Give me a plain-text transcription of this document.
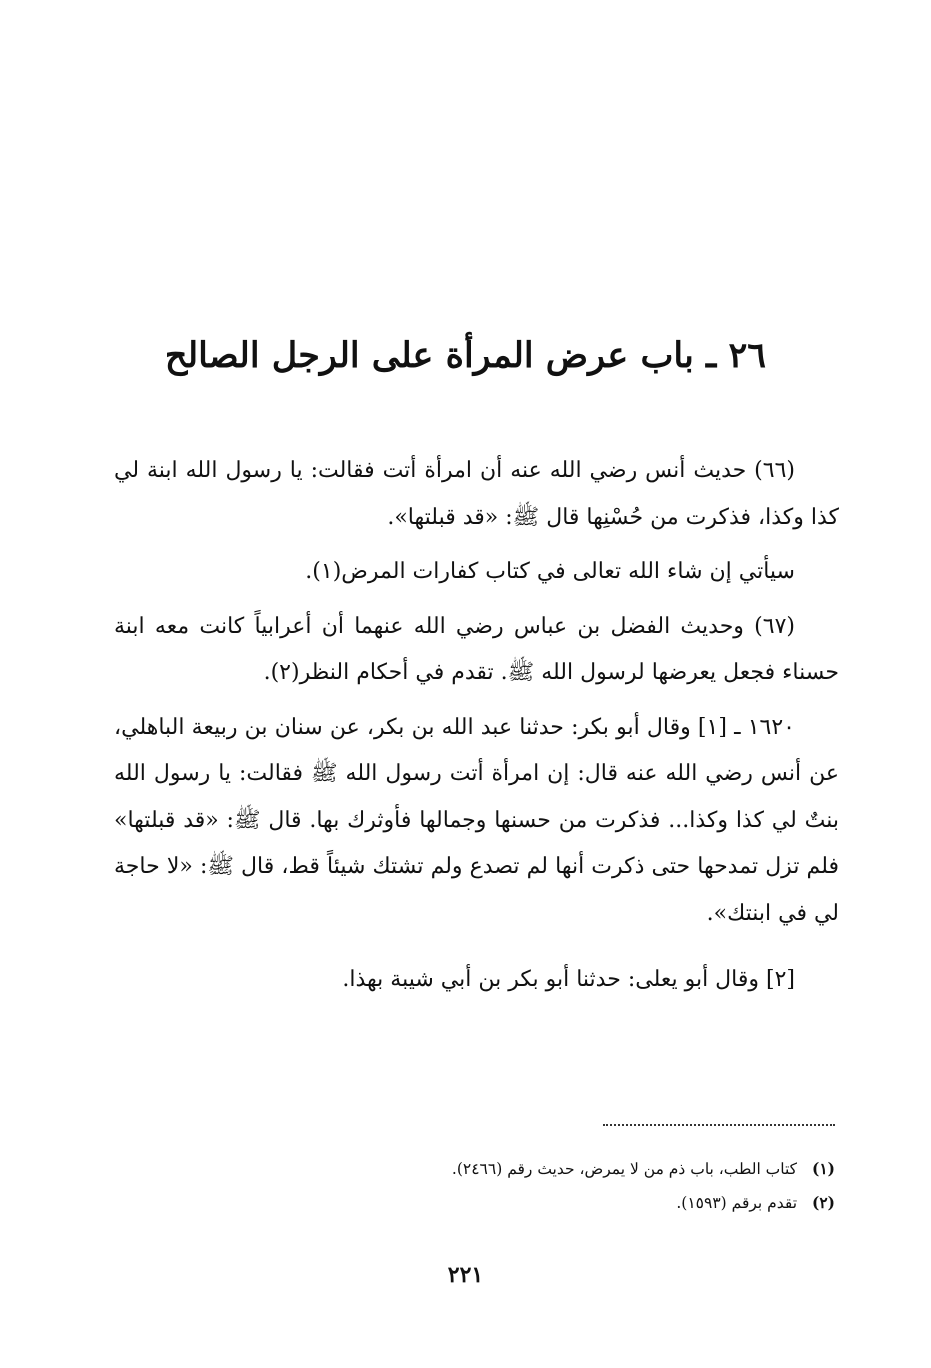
٢٦ ـ باب عرض المرأة على الرجل الصالح

(٦٦) حديث أنس رضي الله عنه أن امرأة أتت فقالت: يا رسول الله ابنة لي كذا وكذا، فذكرت من حُسْنِها قال ﷺ: «قد قبلتها».

سيأتي إن شاء الله تعالى في كتاب كفارات المرض(١).

(٦٧) وحديث الفضل بن عباس رضي الله عنهما أن أعرابياً كانت معه ابنة حسناء فجعل يعرضها لرسول الله ﷺ. تقدم في أحكام النظر(٢).

١٦٢٠ ـ [١] وقال أبو بكر: حدثنا عبد الله بن بكر، عن سنان بن ربيعة الباهلي، عن أنس رضي الله عنه قال: إن امرأة أتت رسول الله ﷺ فقالت: يا رسول الله بنتٌ لي كذا وكذا... فذكرت من حسنها وجمالها فأوثرك بها. قال ﷺ: «قد قبلتها» فلم تزل تمدحها حتى ذكرت أنها لم تصدع ولم تشتك شيئاً قط، قال ﷺ: «لا حاجة لي في ابنتك».

[٢] وقال أبو يعلى: حدثنا أبو بكر بن أبي شيبة بهذا.

(١) كتاب الطب، باب ذم من لا يمرض، حديث رقم (٢٤٦٦).

(٢) تقدم برقم (١٥٩٣).

٢٢١
